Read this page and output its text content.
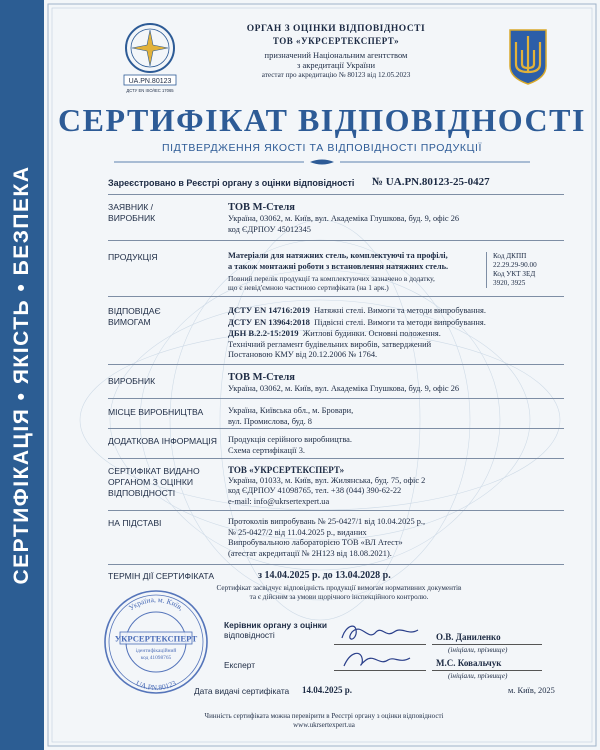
СЕРТИФІКАЦІЯ • ЯКІСТЬ • БЕЗПЕКА
UA.PN.80123
ДСТУ EN ISO/IEC 17065
ОРГАН З ОЦІНКИ ВІДПОВІДНОСТІ
ТОВ «УКРСЕРТЕКСПЕРТ»
призначений Національним агентством
з акредитації України
атестат про акредитацію № 80123 від 12.05.2023
СЕРТИФІКАТ ВІДПОВІДНОСТІ
ПІДТВЕРДЖЕННЯ ЯКОСТІ ТА ВІДПОВІДНОСТІ ПРОДУКЦІЇ
Зареєстровано в Реєстрі органу з оцінки відповідності № UA.PN.80123-25-0427
ЗАЯВНИК /
ВИРОБНИК
ТОВ М-Стеля
Україна, 03062, м. Київ, вул. Академіка Глушкова, буд. 9, офіс 26
код ЄДРПОУ 45012345
ПРОДУКЦІЯ	Матеріали для натяжних стель, комплектуючі та профілі,
а також монтажні роботи з встановлення натяжних стель.
Повний перелік продукції та комплектуючих зазначено в додатку,
що є невід'ємною частиною сертифіката (на 1 арк.)
Код ДКПП
22.29.29-90.00
Код УКТ ЗЕД
3920, 3925
ВІДПОВІДАЄ
ВИМОГАМ
ДСТУ EN 14716:2019 Натяжні стелі. Вимоги та методи випробування.
ДСТУ EN 13964:2018 Підвісні стелі. Вимоги та методи випробування.
ДБН В.2.2-15:2019 Житлові будинки. Основні положення.
Технічний регламент будівельних виробів, затверджений
Постановою КМУ від 20.12.2006 № 1764.
ВИРОБНИК	ТОВ М-Стеля
Україна, 03062, м. Київ, вул. Академіка Глушкова, буд. 9, офіс 26
МІСЦЕ ВИРОБНИЦТВА	Україна, Київська обл., м. Бровари,
вул. Промислова, буд. 8
ДОДАТКОВА ІНФОРМАЦІЯ	Продукція серійного виробництва.
Схема сертифікації 3.
СЕРТИФІКАТ ВИДАНО
ОРГАНОМ З ОЦІНКИ
ВІДПОВІДНОСТІ
ТОВ «УКРСЕРТЕКСПЕРТ»
Україна, 01033, м. Київ, вул. Жилянська, буд. 75, офіс 2
код ЄДРПОУ 41098765, тел. +38 (044) 390-62-22
e-mail: info@ukrsertexpert.ua
НА ПІДСТАВІ	Протоколів випробувань № 25-0427/1 від 10.04.2025 р.,
№ 25-0427/2 від 11.04.2025 р., виданих
Випробувальною лабораторією ТОВ «ВЛ Атест»
(атестат акредитації № 2Н123 від 18.08.2021).
ТЕРМІН ДІЇ СЕРТИФІКАТА	з 14.04.2025 р. до 13.04.2028 р.
Сертифікат засвідчує відповідність продукції вимогам нормативних документів
та є дійсним за умови щорічного інспекційного контролю.
Україна, м. Київ,
UA.PN.80123
УКРСЕРТЕКСПЕРТ
ідентифікаційний
код 41098765
Керівник органу з оцінки
відповідності	О.В. Даниленко
(ініціали, прізвище)
Експерт	М.С. Ковальчук
(ініціали, прізвище)
Дата видачі сертифіката 14.04.2025 р.	м. Київ, 2025
Чинність сертифіката можна перевірити в Реєстрі органу з оцінки відповідності
www.ukrsertexpert.ua
